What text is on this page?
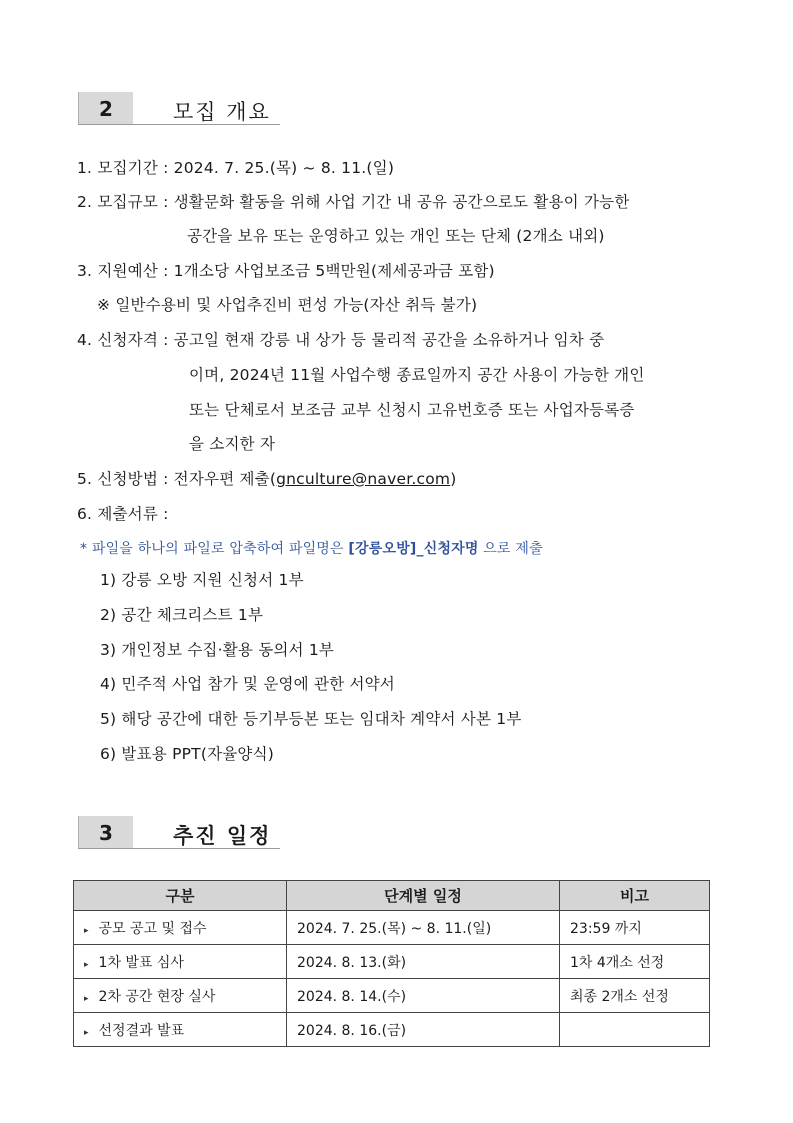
2	모집 개요
1. 모집기간 : 2024. 7. 25.(목) ~ 8. 11.(일)
2. 모집규모 : 생활문화 활동을 위해 사업 기간 내 공유 공간으로도 활용이 가능한
공간을 보유 또는 운영하고 있는 개인 또는 단체 (2개소 내외)
3. 지원예산 : 1개소당 사업보조금 5백만원(제세공과금 포함)
※ 일반수용비 및 사업추진비 편성 가능(자산 취득 불가)
4. 신청자격 : 공고일 현재 강릉 내 상가 등 물리적 공간을 소유하거나 임차 중
이며, 2024년 11월 사업수행 종료일까지 공간 사용이 가능한 개인
또는 단체로서 보조금 교부 신청시 고유번호증 또는 사업자등록증
을 소지한 자
5. 신청방법 : 전자우편 제출(gnculture@naver.com)
6. 제출서류 :
* 파일을 하나의 파일로 압축하여 파일명은 [강릉오방]_신청자명 으로 제출
1) 강릉 오방 지원 신청서 1부
2) 공간 체크리스트 1부
3) 개인정보 수집·활용 동의서 1부
4) 민주적 사업 참가 및 운영에 관한 서약서
5) 해당 공간에 대한 등기부등본 또는 임대차 계약서 사본 1부
6) 발표용 PPT(자율양식)
3	추진 일정
구분	단계별 일정	비고
▸ 공모 공고 및 접수	2024. 7. 25.(목) ~ 8. 11.(일)	23:59 까지
▸ 1차 발표 심사	2024. 8. 13.(화)	1차 4개소 선정
▸ 2차 공간 현장 실사	2024. 8. 14.(수)	최종 2개소 선정
▸ 선정결과 발표	2024. 8. 16.(금)	
